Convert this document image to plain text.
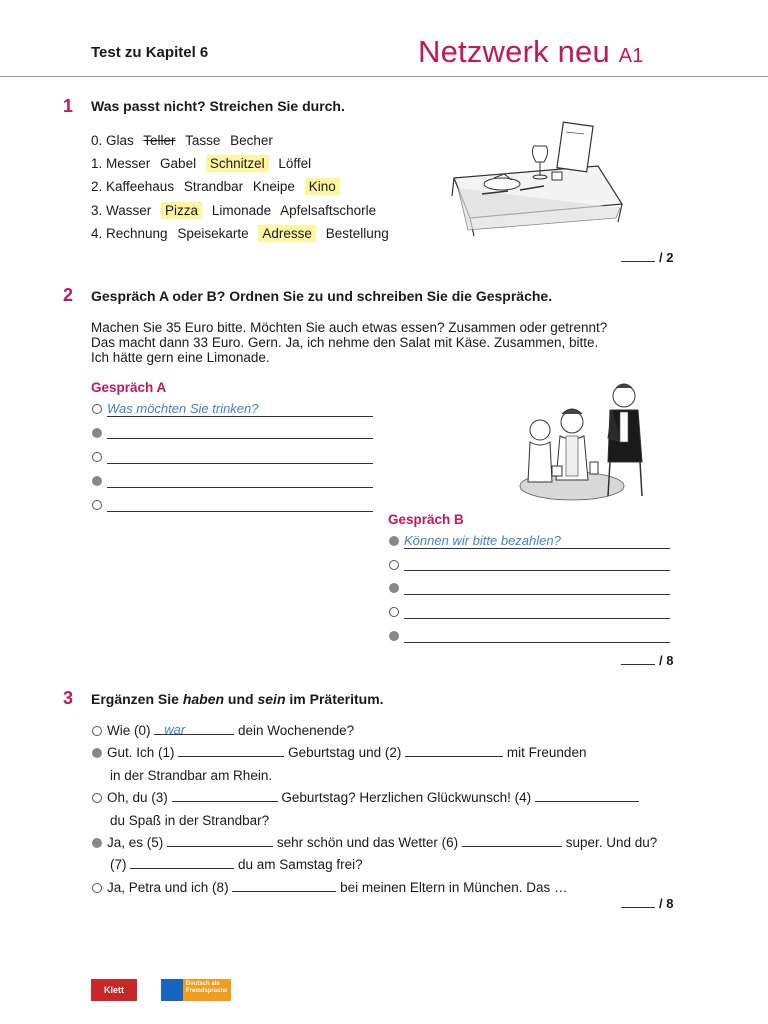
Test zu Kapitel 6	Netzwerk neu A1
1 Was passt nicht? Streichen Sie durch.
0. Glas Teller Tasse Becher
1. Messer Gabel Schnitzel Löffel
2. Kaffeehaus Strandbar Kneipe Kino
3. Wasser Pizza Limonade Apfelsaftschorle
4. Rechnung Speisekarte Adresse Bestellung
/ 2
2 Gespräch A oder B? Ordnen Sie zu und schreiben Sie die Gespräche.
Machen Sie 35 Euro bitte. Möchten Sie auch etwas essen? Zusammen oder getrennt?
Das macht dann 33 Euro. Gern. Ja, ich nehme den Salat mit Käse. Zusammen, bitte.
Ich hätte gern eine Limonade.
Gespräch A
Was möchten Sie trinken?
Gespräch B
Können wir bitte bezahlen?
/ 8
3 Ergänzen Sie haben und sein im Präteritum.
Wie (0) war	dein Wochenende?
Gut. Ich (1)	Geburtstag und (2)	mit Freunden
in der Strandbar am Rhein.
Oh, du (3)	Geburtstag? Herzlichen Glückwunsch! (4)
du Spaß in der Strandbar?
Ja, es (5)	sehr schön und das Wetter (6)	super. Und du?
(7)	du am Samstag frei?
Ja, Petra und ich (8)	bei meinen Eltern in München. Das …
/ 8
Klett
Deutsch als
Fremdsprache
